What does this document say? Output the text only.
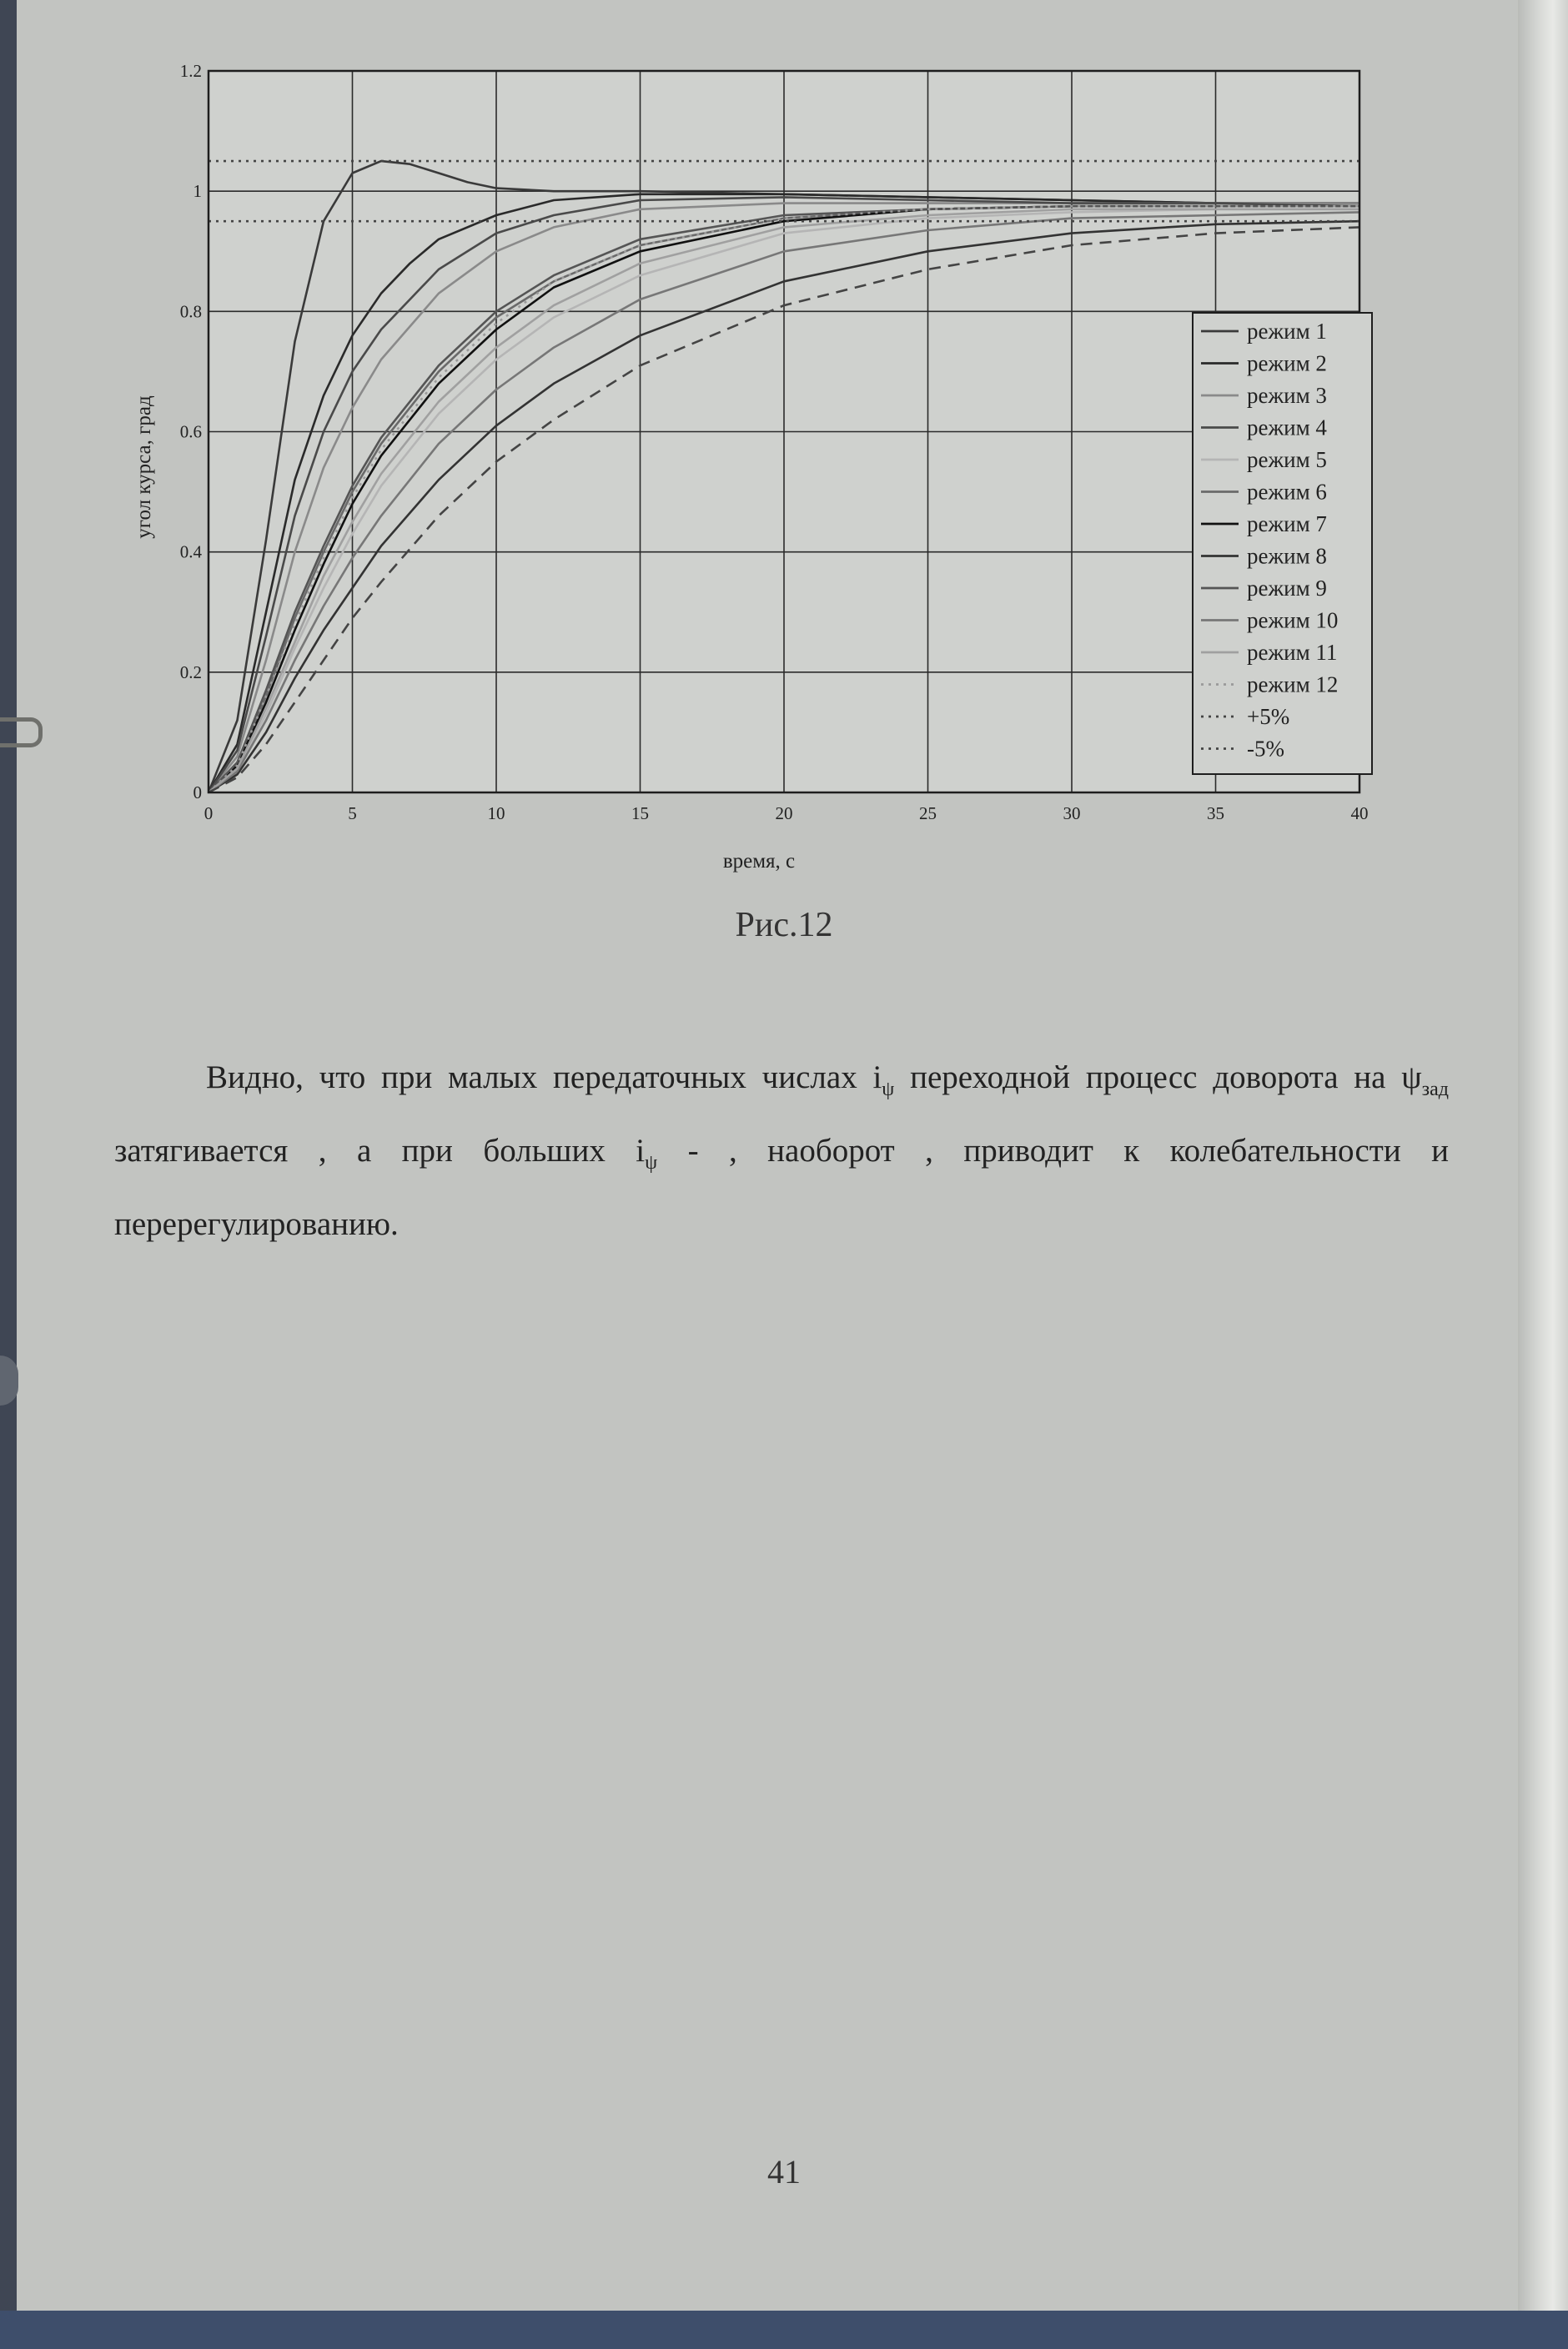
0	5	10	15	20	25	30	35	40
0
0.2
0.4
0.6
0.8
1
1.2
время, с
угол курса, град
режим 1
режим 2
режим 3
режим 4
режим 5
режим 6
режим 7
режим 8
режим 9
режим 10
режим 11
режим 12
+5%
-5%
Рис.12

Видно, что при малых передаточных числах $i_\psi$ переходной процесс доворота на $\psi_{зад}$ затягивается , а при больших $i_\psi$ - , наоборот , приводит к колебательности и перерегулированию.

41
